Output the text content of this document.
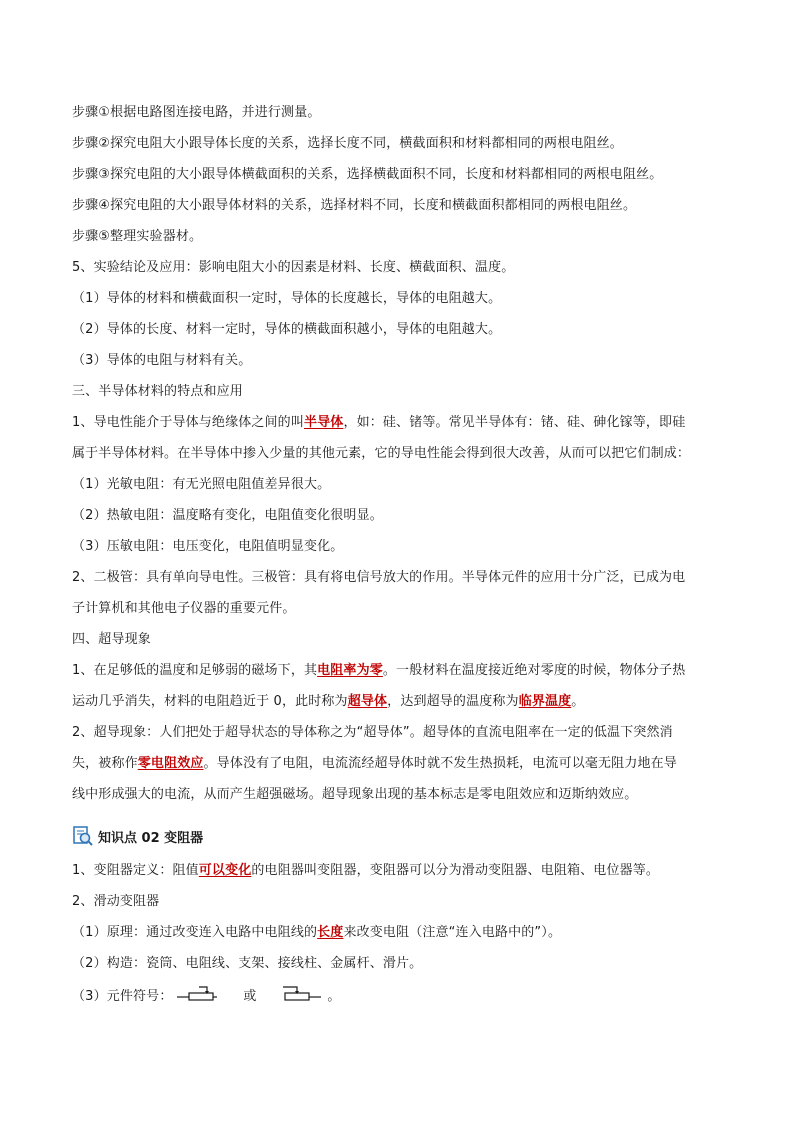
知识点 02 变阻器
（3）元件符号：	或	。
步骤①根据电路图连接电路，并进行测量。
步骤②探究电阻大小跟导体长度的关系，选择长度不同，横截面积和材料都相同的两根电阻丝。
步骤③探究电阻的大小跟导体横截面积的关系，选择横截面积不同，长度和材料都相同的两根电阻丝。
步骤④探究电阻的大小跟导体材料的关系，选择材料不同，长度和横截面积都相同的两根电阻丝。
步骤⑤整理实验器材。
5、实验结论及应用：影响电阻大小的因素是材料、长度、横截面积、温度。
（1）导体的材料和横截面积一定时，导体的长度越长，导体的电阻越大。
（2）导体的长度、材料一定时，导体的横截面积越小，导体的电阻越大。
（3）导体的电阻与材料有关。
三、半导体材料的特点和应用
1、导电性能介于导体与绝缘体之间的叫半导体，如：硅、锗等。常见半导体有：锗、硅、砷化镓等，即硅
属于半导体材料。在半导体中掺入少量的其他元素，它的导电性能会得到很大改善，从而可以把它们制成：
（1）光敏电阻：有无光照电阻值差异很大。
（2）热敏电阻：温度略有变化，电阻值变化很明显。
（3）压敏电阻：电压变化，电阻值明显变化。
2、二极管：具有单向导电性。三极管：具有将电信号放大的作用。半导体元件的应用十分广泛，已成为电
子计算机和其他电子仪器的重要元件。
四、超导现象
1、在足够低的温度和足够弱的磁场下，其电阻率为零。一般材料在温度接近绝对零度的时候，物体分子热
运动几乎消失，材料的电阻趋近于 0，此时称为超导体，达到超导的温度称为临界温度。
2、超导现象：人们把处于超导状态的导体称之为“超导体”。超导体的直流电阻率在一定的低温下突然消
失，被称作零电阻效应。导体没有了电阻，电流流经超导体时就不发生热损耗，电流可以毫无阻力地在导
线中形成强大的电流，从而产生超强磁场。超导现象出现的基本标志是零电阻效应和迈斯纳效应。
1、变阻器定义：阻值可以变化的电阻器叫变阻器，变阻器可以分为滑动变阻器、电阻箱、电位器等。
2、滑动变阻器
（1）原理：通过改变连入电路中电阻线的长度来改变电阻（注意“连入电路中的”）。
（2）构造：瓷筒、电阻线、支架、接线柱、金属杆、滑片。
